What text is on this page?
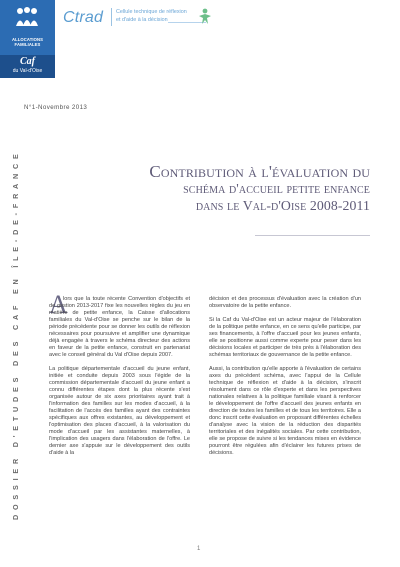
ALLOCATIONS
FAMILIALES
Caf
du Val-d'Oise
Ctrad Cellule technique de réflexion
et d'aide à la décision
N°1-Novembre 2013
DOSSIER D'ETUDES DES CAF EN ÎLE-DE-FRANCE	Contribution à l'évaluation du
schéma d'accueil petite enfance
dans le Val-d'Oise 2008-2011
A

lors que la toute récente Convention d'objectifs et de gestion 2013-2017 fixe les nouvelles règles du jeu en matière de petite enfance, la Caisse d'allocations familiales du Val-d'Oise se penche sur le bilan de la période précédente pour se donner les outils de réflexion nécessaires pour poursuivre et amplifier une dynamique déjà engagée à travers le schéma directeur des actions en faveur de la petite enfance, construit en partenariat avec le conseil général du Val d'Oise depuis 2007.

La politique départementale d'accueil du jeune enfant, initiée et conduite depuis 2003 sous l'égide de la commission départementale d'accueil du jeune enfant a connu différentes étapes dont la plus récente s'est organisée autour de six axes prioritaires ayant trait à l'information des familles sur les modes d'accueil, à la facilitation de l'accès des familles ayant des contraintes spécifiques aux offres existantes, au développement et l'optimisation des places d'accueil, à la valorisation du mode d'accueil par les assistantes maternelles, à l'implication des usagers dans l'élaboration de l'offre. Le dernier axe s'appuie sur le développement des outils d'aide à la

décision et des processus d'évaluation avec la création d'un observatoire de la petite enfance.

Si la Caf du Val-d'Oise est un acteur majeur de l'élaboration de la politique petite enfance, en ce sens qu'elle participe, par ses financements, à l'offre d'accueil pour les jeunes enfants, elle se positionne aussi comme experte pour peser dans les décisions locales et participer de très près à l'élaboration des schémas territoriaux de gouvernance de la petite enfance.

Aussi, la contribution qu'elle apporte à l'évaluation de certains axes du précédent schéma, avec l'appui de la Cellule technique de réflexion et d'aide à la décision, s'inscrit résolument dans ce rôle d'experte et dans les perspectives nationales relatives à la politique familiale visant à renforcer le développement de l'offre d'accueil des jeunes enfants en direction de toutes les familles et de tous les territoires. Elle a donc inscrit cette évaluation en proposant différentes échelles d'analyse avec la vision de la réduction des disparités territoriales et des inégalités sociales. Par cette contribution, elle se propose de suivre si les tendances mises en évidence pourront être régulées afin d'éclairer les futures prises de décisions.

1
